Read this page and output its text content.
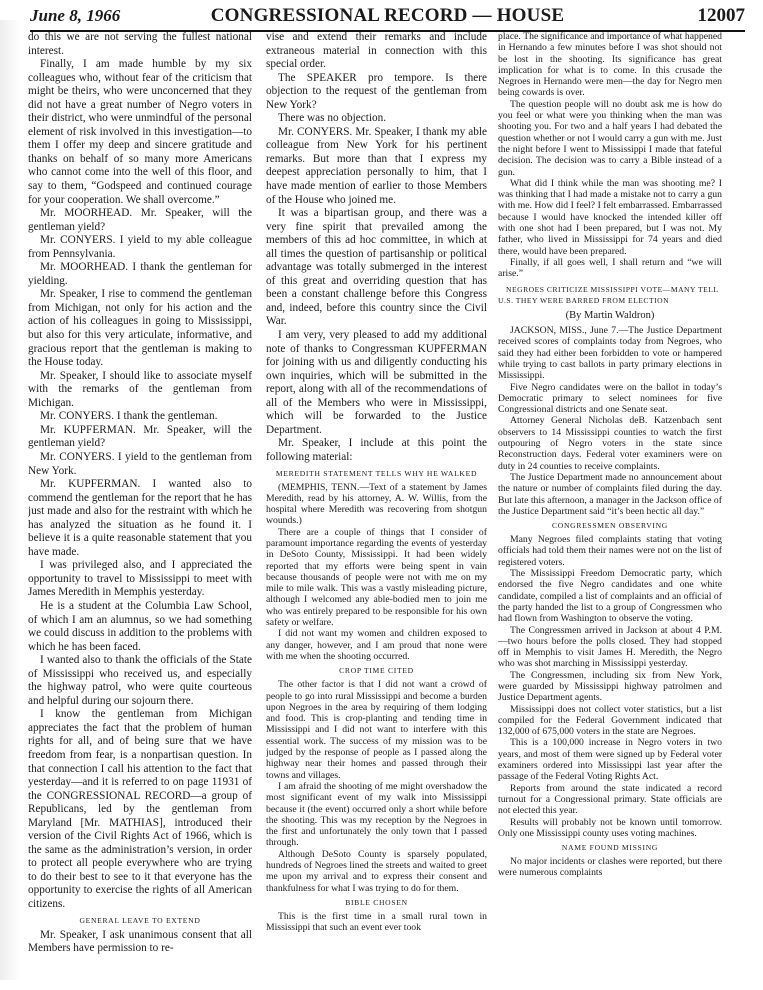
June 8, 1966	CONGRESSIONAL RECORD — HOUSE	12007

do this we are not serving the fullest national interest.

Finally, I am made humble by my six colleagues who, without fear of the criticism that might be theirs, who were unconcerned that they did not have a great number of Negro voters in their district, who were unmindful of the personal element of risk involved in this investigation—to them I offer my deep and sincere gratitude and thanks on behalf of so many more Americans who cannot come into the well of this floor, and say to them, “Godspeed and continued courage for your cooperation. We shall overcome.”

Mr. MOORHEAD. Mr. Speaker, will the gentleman yield?

Mr. CONYERS. I yield to my able colleague from Pennsylvania.

Mr. MOORHEAD. I thank the gentleman for yielding.

Mr. Speaker, I rise to commend the gentleman from Michigan, not only for his action and the action of his colleagues in going to Mississippi, but also for this very articulate, informative, and gracious report that the gentleman is making to the House today.

Mr. Speaker, I should like to associate myself with the remarks of the gentleman from Michigan.

Mr. CONYERS. I thank the gentleman.

Mr. KUPFERMAN. Mr. Speaker, will the gentleman yield?

Mr. CONYERS. I yield to the gentleman from New York.

Mr. KUPFERMAN. I wanted also to commend the gentleman for the report that he has just made and also for the restraint with which he has analyzed the situation as he found it. I believe it is a quite reasonable statement that you have made.

I was privileged also, and I appreciated the opportunity to travel to Mississippi to meet with James Meredith in Memphis yesterday.

He is a student at the Columbia Law School, of which I am an alumnus, so we had something we could discuss in addition to the problems with which he has been faced.

I wanted also to thank the officials of the State of Mississippi who received us, and especially the highway patrol, who were quite courteous and helpful during our sojourn there.

I know the gentleman from Michigan appreciates the fact that the problem of human rights for all, and of being sure that we have freedom from fear, is a nonpartisan question. In that connection I call his attention to the fact that yesterday—and it is referred to on page 11931 of the CONGRESSIONAL RECORD—a group of Republicans, led by the gentleman from Maryland [Mr. MATHIAS], introduced their version of the Civil Rights Act of 1966, which is the same as the administration’s version, in order to protect all people everywhere who are trying to do their best to see to it that everyone has the opportunity to exercise the rights of all American citizens.

GENERAL LEAVE TO EXTEND

Mr. Speaker, I ask unanimous consent that all Members have permission to re-

vise and extend their remarks and include extraneous material in connection with this special order.

The SPEAKER pro tempore. Is there objection to the request of the gentleman from New York?

There was no objection.

Mr. CONYERS. Mr. Speaker, I thank my able colleague from New York for his pertinent remarks. But more than that I express my deepest appreciation personally to him, that I have made mention of earlier to those Members of the House who joined me.

It was a bipartisan group, and there was a very fine spirit that prevailed among the members of this ad hoc committee, in which at all times the question of partisanship or political advantage was totally submerged in the interest of this great and overriding question that has been a constant challenge before this Congress and, indeed, before this country since the Civil War.

I am very, very pleased to add my additional note of thanks to Congressman KUPFERMAN for joining with us and diligently conducting his own inquiries, which will be submitted in the report, along with all of the recommendations of all of the Members who were in Mississippi, which will be forwarded to the Justice Department.

Mr. Speaker, I include at this point the following material:

MEREDITH STATEMENT TELLS WHY HE WALKED

(MEMPHIS, TENN.—Text of a statement by James Meredith, read by his attorney, A. W. Willis, from the hospital where Meredith was recovering from shotgun wounds.)

There are a couple of things that I consider of paramount importance regarding the events of yesterday in DeSoto County, Mississippi. It had been widely reported that my efforts were being spent in vain because thousands of people were not with me on my mile to mile walk. This was a vastly misleading picture, although I welcomed any able-bodied men to join me who was entirely prepared to be responsible for his own safety or welfare.

I did not want my women and children exposed to any danger, however, and I am proud that none were with me when the shooting occurred.

CROP TIME CITED

The other factor is that I did not want a crowd of people to go into rural Mississippi and become a burden upon Negroes in the area by requiring of them lodging and food. This is crop-planting and tending time in Mississippi and I did not want to interfere with this essential work. The success of my mission was to be judged by the response of people as I passed along the highway near their homes and passed through their towns and villages.

I am afraid the shooting of me might overshadow the most significant event of my walk into Mississippi because it (the event) occurred only a short while before the shooting. This was my reception by the Negroes in the first and unfortunately the only town that I passed through.

Although DeSoto County is sparsely populated, hundreds of Negroes lined the streets and waited to greet me upon my arrival and to express their consent and thankfulness for what I was trying to do for them.

BIBLE CHOSEN

This is the first time in a small rural town in Mississippi that such an event ever took

place. The significance and importance of what happened in Hernando a few minutes before I was shot should not be lost in the shooting. Its significance has great implication for what is to come. In this crusade the Negroes in Hernando were men—the day for Negro men being cowards is over.

The question people will no doubt ask me is how do you feel or what were you thinking when the man was shooting you. For two and a half years I had debated the question whether or not I would carry a gun with me. Just the night before I went to Mississippi I made that fateful decision. The decision was to carry a Bible instead of a gun.

What did I think while the man was shooting me? I was thinking that I had made a mistake not to carry a gun with me. How did I feel? I felt embarrassed. Embarrassed because I would have knocked the intended killer off with one shot had I been prepared, but I was not. My father, who lived in Mississippi for 74 years and died there, would have been prepared.

Finally, if all goes well, I shall return and “we will arise.”

NEGROES CRITICIZE MISSISSIPPI VOTE—MANY TELL U.S. THEY WERE BARRED FROM ELECTION

(By Martin Waldron)

JACKSON, MISS., June 7.—The Justice Department received scores of complaints today from Negroes, who said they had either been forbidden to vote or hampered while trying to cast ballots in party primary elections in Mississippi.

Five Negro candidates were on the ballot in today’s Democratic primary to select nominees for five Congressional districts and one Senate seat.

Attorney General Nicholas deB. Katzenbach sent observers to 14 Mississippi counties to watch the first outpouring of Negro voters in the state since Reconstruction days. Federal voter examiners were on duty in 24 counties to receive complaints.

The Justice Department made no announcement about the nature or number of complaints filed during the day. But late this afternoon, a manager in the Jackson office of the Justice Department said “it’s been hectic all day.”

CONGRESSMEN OBSERVING

Many Negroes filed complaints stating that voting officials had told them their names were not on the list of registered voters.

The Mississippi Freedom Democratic party, which endorsed the five Negro candidates and one white candidate, compiled a list of complaints and an official of the party handed the list to a group of Congressmen who had flown from Washington to observe the voting.

The Congressmen arrived in Jackson at about 4 P.M.—two hours before the polls closed. They had stopped off in Memphis to visit James H. Meredith, the Negro who was shot marching in Mississippi yesterday.

The Congressmen, including six from New York, were guarded by Mississippi highway patrolmen and Justice Department agents.

Mississippi does not collect voter statistics, but a list compiled for the Federal Government indicated that 132,000 of 675,000 voters in the state are Negroes.

This is a 100,000 increase in Negro voters in two years, and most of them were signed up by Federal voter examiners ordered into Mississippi last year after the passage of the Federal Voting Rights Act.

Reports from around the state indicated a record turnout for a Congressional primary. State officials are not elected this year.

Results will probably not be known until tomorrow. Only one Mississippi county uses voting machines.

NAME FOUND MISSING

No major incidents or clashes were reported, but there were numerous complaints
